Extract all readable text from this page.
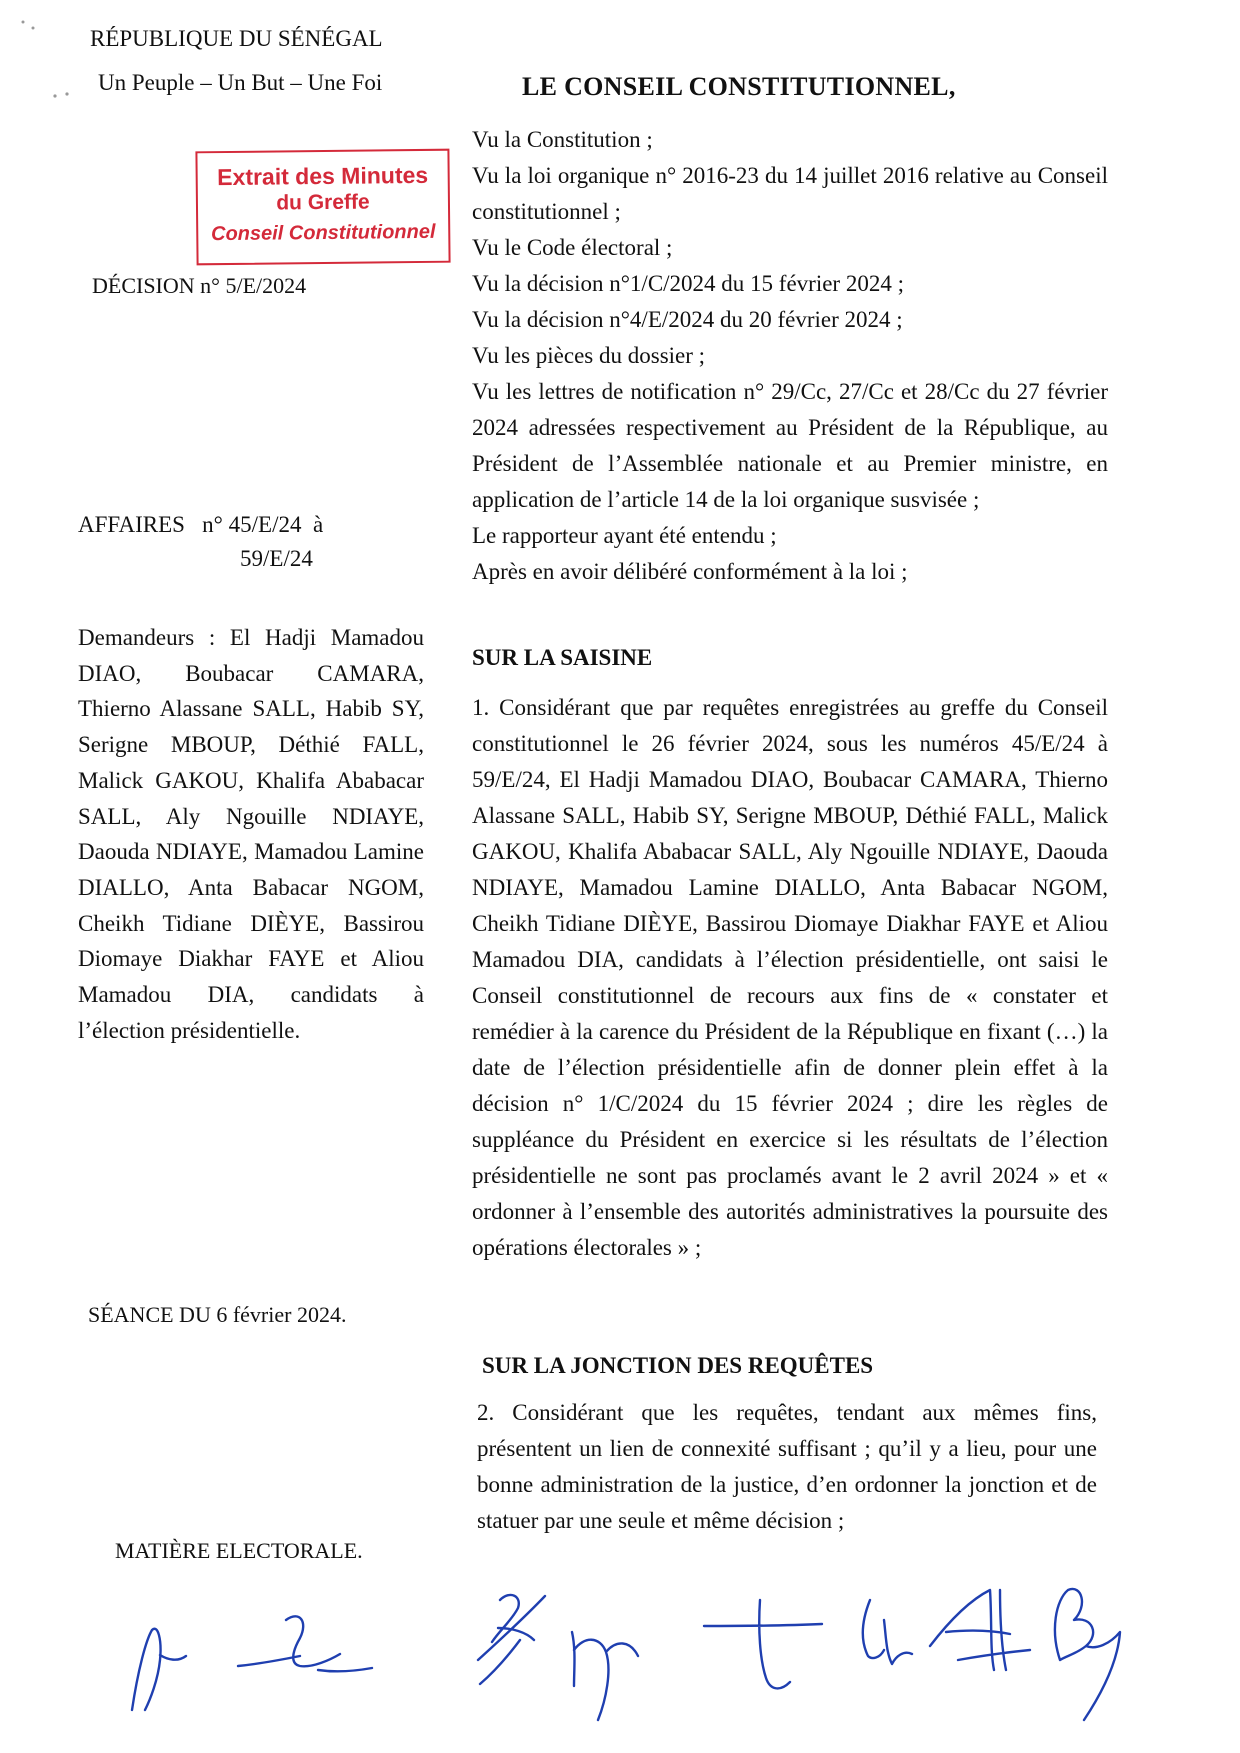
RÉPUBLIQUE DU SÉNÉGAL
Un Peuple – Un But – Une Foi	LE CONSEIL CONSTITUTIONNEL,
Extrait des Minutes
du Greffe
Conseil Constitutionnel
DÉCISION n° 5/E/2024
AFFAIRES   n° 45/E/24  à
59/E/24
Demandeurs : El Hadji Mamadou DIAO, Boubacar CAMARA, Thierno Alassane SALL, Habib SY, Serigne MBOUP, Déthié FALL, Malick GAKOU, Khalifa Ababacar SALL, Aly Ngouille NDIAYE, Daouda NDIAYE, Mamadou Lamine DIALLO, Anta Babacar NGOM, Cheikh Tidiane DIÈYE, Bassirou Diomaye Diakhar FAYE et Aliou Mamadou DIA, candidats à l’élection présidentielle.
SÉANCE DU 6 février 2024.
MATIÈRE ELECTORALE.

Vu la Constitution ;

Vu la loi organique n° 2016-23 du 14 juillet 2016 relative au Conseil constitutionnel ;

Vu le Code électoral ;

Vu la décision n°1/C/2024 du 15 février 2024 ;

Vu la décision n°4/E/2024 du 20 février 2024 ;

Vu les pièces du dossier ;

Vu les lettres de notification n° 29/Cc, 27/Cc et 28/Cc du 27 février 2024 adressées respectivement au Président de la République, au Président de l’Assemblée nationale et au Premier ministre, en application de l’article 14 de la loi organique susvisée ;

Le rapporteur ayant été entendu ;

Après en avoir délibéré conformément à la loi ;

SUR LA SAISINE
1. Considérant que par requêtes enregistrées au greffe du Conseil constitutionnel le 26 février 2024, sous les numéros 45/E/24 à 59/E/24, El Hadji Mamadou DIAO, Boubacar CAMARA, Thierno Alassane SALL, Habib SY, Serigne MBOUP, Déthié FALL, Malick GAKOU, Khalifa Ababacar SALL, Aly Ngouille NDIAYE, Daouda NDIAYE, Mamadou Lamine DIALLO, Anta Babacar NGOM, Cheikh Tidiane DIÈYE, Bassirou Diomaye Diakhar FAYE et Aliou Mamadou DIA, candidats à l’élection présidentielle, ont saisi le Conseil constitutionnel de recours aux fins de « constater et remédier à la carence du Président de la République en fixant (…) la date de l’élection présidentielle afin de donner plein effet à la décision n° 1/C/2024 du 15 février 2024 ; dire les règles de suppléance du Président en exercice si les résultats de l’élection présidentielle ne sont pas proclamés avant le 2 avril 2024 » et « ordonner à l’ensemble des autorités administratives la poursuite des opérations électorales » ;
SUR LA JONCTION DES REQUÊTES
2. Considérant que les requêtes, tendant aux mêmes fins, présentent un lien de connexité suffisant ; qu’il y a lieu, pour une bonne administration de la justice, d’en ordonner la jonction et de statuer par une seule et même décision ;
